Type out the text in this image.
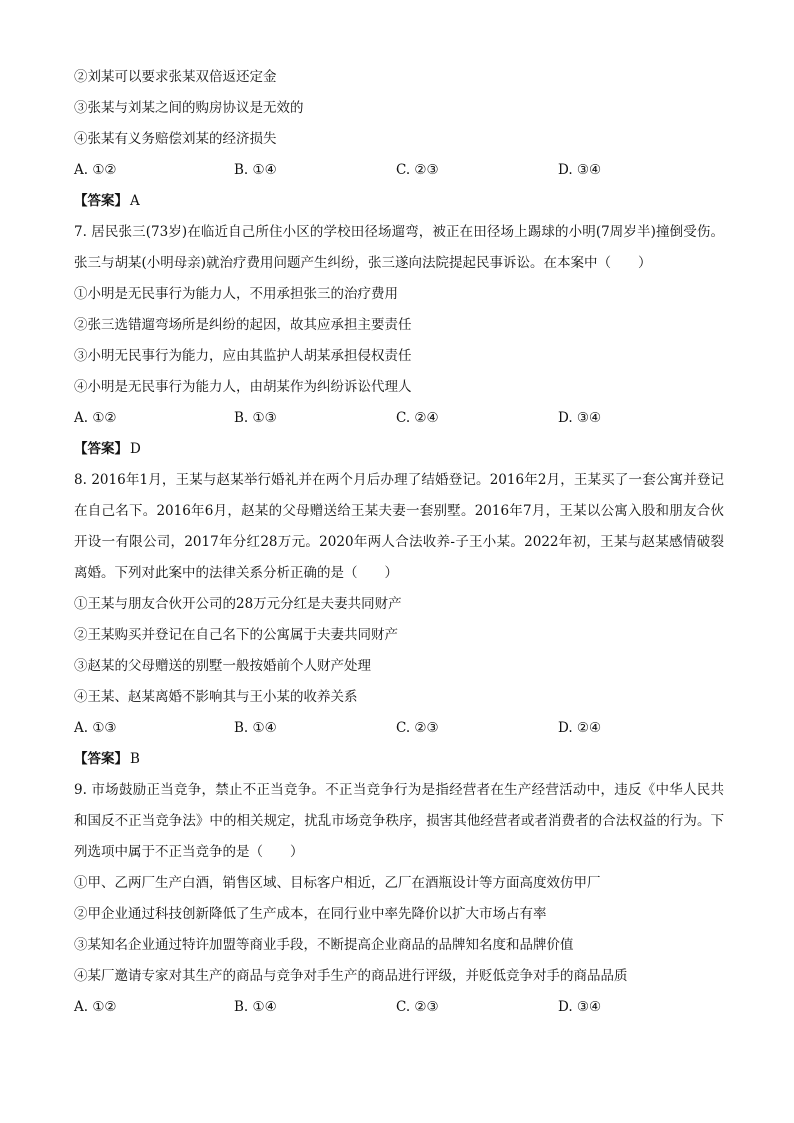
②刘某可以要求张某双倍返还定金
③张某与刘某之间的购房协议是无效的
④张某有义务赔偿刘某的经济损失
A. ①②	B. ①④	C. ②③	D. ③④
【答案】 A
7. 居民张三(73岁)在临近自己所住小区的学校田径场遛弯，被正在田径场上踢球的小明(7周岁半)撞倒受伤。张三与胡某(小明母亲)就治疗费用问题产生纠纷，张三遂向法院提起民事诉讼。在本案中（　　）
①小明是无民事行为能力人，不用承担张三的治疗费用
②张三选错遛弯场所是纠纷的起因，故其应承担主要责任
③小明无民事行为能力，应由其监护人胡某承担侵权责任
④小明是无民事行为能力人，由胡某作为纠纷诉讼代理人
A. ①②	B. ①③	C. ②④	D. ③④
【答案】 D
8. 2016年1月，王某与赵某举行婚礼并在两个月后办理了结婚登记。2016年2月，王某买了一套公寓并登记在自己名下。2016年6月，赵某的父母赠送给王某夫妻一套别墅。2016年7月，王某以公寓入股和朋友合伙开设一有限公司，2017年分红28万元。2020年两人合法收养-子王小某。2022年初，王某与赵某感情破裂离婚。下列对此案中的法律关系分析正确的是（　　）
①王某与朋友合伙开公司的28万元分红是夫妻共同财产
②王某购买并登记在自己名下的公寓属于夫妻共同财产
③赵某的父母赠送的别墅一般按婚前个人财产处理
④王某、赵某离婚不影响其与王小某的收养关系
A. ①③	B. ①④	C. ②③	D. ②④
【答案】 B
9. 市场鼓励正当竞争，禁止不正当竞争。不正当竞争行为是指经营者在生产经营活动中，违反《中华人民共和国反不正当竞争法》中的相关规定，扰乱市场竞争秩序，损害其他经营者或者消费者的合法权益的行为。下列选项中属于不正当竞争的是（　　）
①甲、乙两厂生产白酒，销售区域、目标客户相近，乙厂在酒瓶设计等方面高度效仿甲厂
②甲企业通过科技创新降低了生产成本，在同行业中率先降价以扩大市场占有率
③某知名企业通过特许加盟等商业手段，不断提高企业商品的品牌知名度和品牌价值
④某厂邀请专家对其生产的商品与竞争对手生产的商品进行评级，并贬低竞争对手的商品品质
A. ①②	B. ①④	C. ②③	D. ③④
